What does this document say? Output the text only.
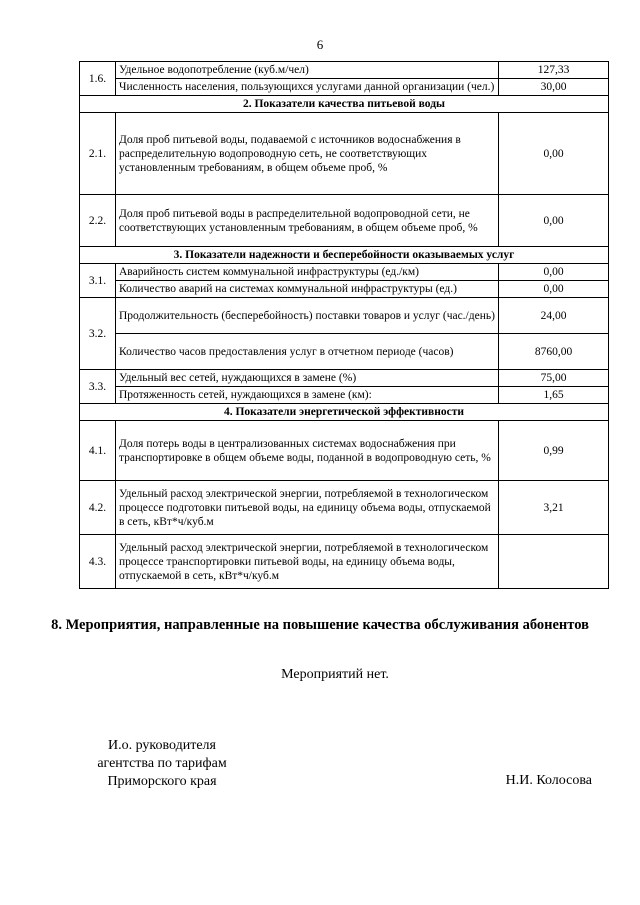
6
1.6.	Удельное водопотребление (куб.м/чел)	127,33
	Численность населения, пользующихся услугами данной организации (чел.)	30,00
2. Показатели качества питьевой воды		
2.1.	Доля проб питьевой воды, подаваемой с источников водоснабжения в распределительную водопроводную сеть, не соответствующих установленным требованиям, в общем объеме проб, %	0,00
2.2.	Доля проб питьевой воды в распределительной водопроводной сети, не соответствующих установленным требованиям, в общем объеме проб, %	0,00
3. Показатели надежности и бесперебойности оказываемых услуг		
3.1.	Аварийность систем коммунальной инфраструктуры (ед./км)	0,00
	Количество аварий на системах коммунальной инфраструктуры (ед.)	0,00
3.2.	Продолжительность (бесперебойность) поставки товаров и услуг (час./день)	24,00
	Количество часов предоставления услуг в отчетном периоде (часов)	8760,00
3.3.	Удельный вес сетей, нуждающихся в замене (%)	75,00
	Протяженность сетей, нуждающихся в замене (км):	1,65
4. Показатели энергетической эффективности		
4.1.	Доля потерь воды в централизованных системах водоснабжения при транспортировке в общем объеме воды, поданной в водопроводную сеть, %	0,99
4.2.	Удельный расход электрической энергии, потребляемой в технологическом процессе подготовки питьевой воды, на единицу объема воды, отпускаемой в сеть, кВт*ч/куб.м	3,21
4.3.	Удельный расход электрической энергии, потребляемой в технологическом процессе транспортировки питьевой воды, на единицу объема воды, отпускаемой в сеть, кВт*ч/куб.м	
8. Мероприятия, направленные на повышение качества обслуживания абонентов
Мероприятий нет.
И.о. руководителя
агентства по тарифам
Приморского края	Н.И. Колосова
